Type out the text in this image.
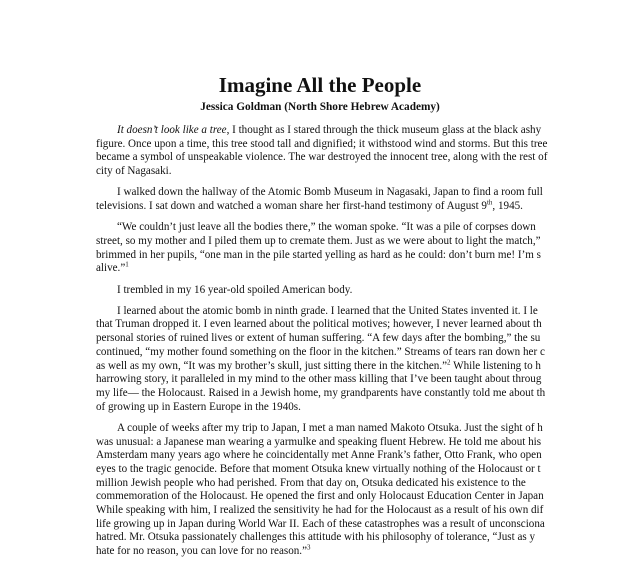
Imagine All the People
Jessica Goldman (North Shore Hebrew Academy)

It doesn’t look like a tree, I thought as I stared through the thick museum glass at the black ashy
figure. Once upon a time, this tree stood tall and dignified; it withstood wind and storms. But this tree
became a symbol of unspeakable violence. The war destroyed the innocent tree, along with the rest of
city of Nagasaki.

I walked down the hallway of the Atomic Bomb Museum in Nagasaki, Japan to find a room full
televisions. I sat down and watched a woman share her first-hand testimony of August 9th, 1945.

“We couldn’t just leave all the bodies there,” the woman spoke. “It was a pile of corpses down
street, so my mother and I piled them up to cremate them. Just as we were about to light the match,”
brimmed in her pupils, “one man in the pile started yelling as hard as he could: don’t burn me! I’m s
alive.”$^1$

I trembled in my 16 year-old spoiled American body.

I learned about the atomic bomb in ninth grade. I learned that the United States invented it. I le
that Truman dropped it. I even learned about the political motives; however, I never learned about th
personal stories of ruined lives or extent of human suffering. “A few days after the bombing,” the su
continued, “my mother found something on the floor in the kitchen.” Streams of tears ran down her c
as well as my own, “It was my brother’s skull, just sitting there in the kitchen.”$^2$ While listening to h
harrowing story, it paralleled in my mind to the other mass killing that I’ve been taught about throug
my life— the Holocaust. Raised in a Jewish home, my grandparents have constantly told me about th
of growing up in Eastern Europe in the 1940s.

A couple of weeks after my trip to Japan, I met a man named Makoto Otsuka. Just the sight of h
was unusual: a Japanese man wearing a yarmulke and speaking fluent Hebrew. He told me about his
Amsterdam many years ago where he coincidentally met Anne Frank’s father, Otto Frank, who open
eyes to the tragic genocide. Before that moment Otsuka knew virtually nothing of the Holocaust or t
million Jewish people who had perished. From that day on, Otsuka dedicated his existence to the
commemoration of the Holocaust. He opened the first and only Holocaust Education Center in Japan
While speaking with him, I realized the sensitivity he had for the Holocaust as a result of his own dif
life growing up in Japan during World War II. Each of these catastrophes was a result of unconsciona
hatred. Mr. Otsuka passionately challenges this attitude with his philosophy of tolerance, “Just as y
hate for no reason, you can love for no reason.”$^3$
